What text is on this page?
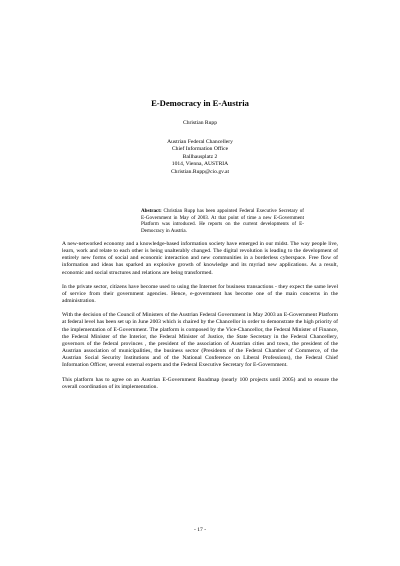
E-Democracy in E-Austria
Christian Rupp
Austrian Federal Chancellery
Chief Information Office
Ballhausplatz 2
1014, Vienna, AUSTRIA
Christian.Rupp@cio.gv.at
Abstract: Christian Rupp has been appointed Federal Executive Secretary of E-Government in May of 2003. At that point of time a new E-Government Platform was introduced. He reports on the current developments of E-Democracy in Austria.

A new-networked economy and a knowledge-based information society have emerged in our midst. The way people live, learn, work and relate to each other is being unalterably changed. The digital revolution is leading to the development of entirely new forms of social and economic interaction and new communities in a borderless cyberspace. Free flow of information and ideas has sparked an explosive growth of knowledge and its myriad new applications. As a result, economic and social structures and relations are being transformed.

In the private sector, citizens have become used to using the Internet for business transactions - they expect the same level of service from their government agencies. Hence, e-government has become one of the main concerns in the administration.

With the decision of the Council of Ministers of the Austrian Federal Government in May 2003 an E-Government Platform at federal level has been set up in June 2003 which is chaired by the Chancellor in order to demonstrate the high priority of the implementation of E-Government. The platform is composed by the Vice-Chancellor, the Federal Minister of Finance, the Federal Minister of the Interior, the Federal Minister of Justice, the State Secretary in the Federal Chancellery, governors of the federal provinces , the president of the association of Austrian cities and town, the president of the Austrian association of municipalities, the business sector (Presidents of the Federal Chamber of Commerce, of the Austrian Social Security Institutions and of the National Conference on Liberal Professions), the Federal Chief Information Officer, several external experts and the Federal Executive Secretary for E-Government.

This platform has to agree on an Austrian E-Government Roadmap (nearly 100 projects until 2005) and to ensure the overall coordination of its implementation.

- 17 -
